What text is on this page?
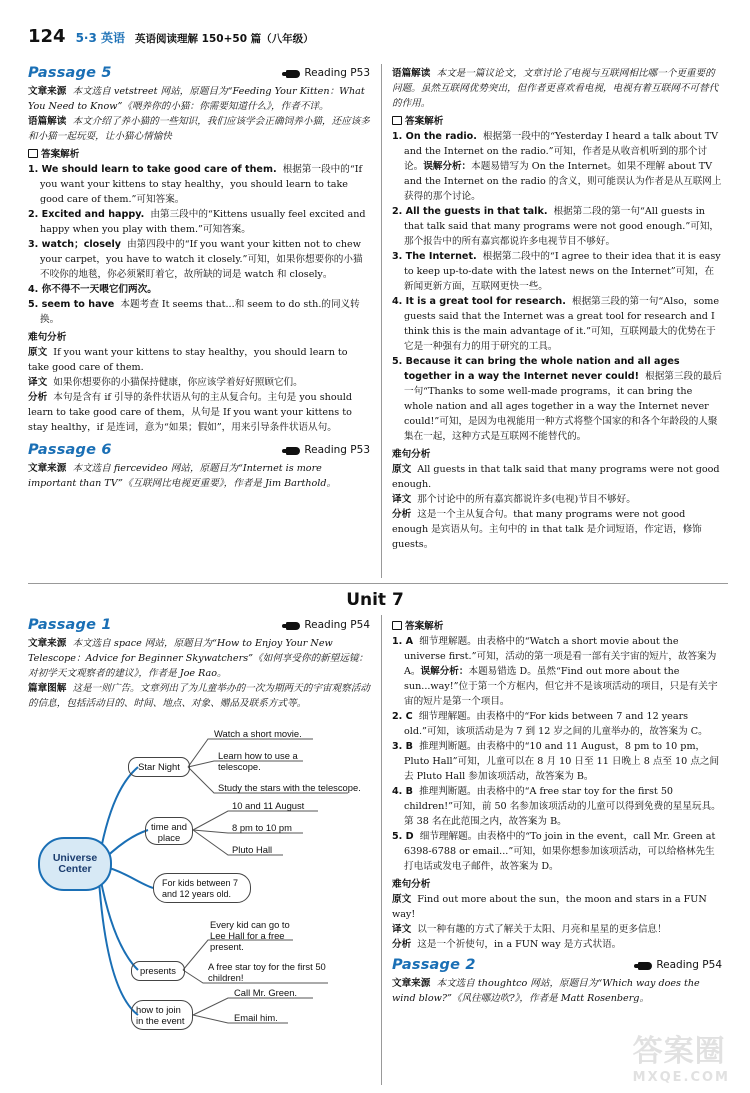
124 5·3 英语 英语阅读理解 150+50 篇（八年级）
Passage 5	Reading P53

文章来源 本文选自 vetstreet 网站，原题目为“Feeding Your Kitten：What You Need to Know”《喂养你的小猫：你需要知道什么》，作者不详。

语篇解读 本文介绍了养小猫的一些知识，我们应该学会正确饲养小猫，还应该多和小猫一起玩耍，让小猫心情愉快

答案解析

1. We should learn to take good care of them. 根据第一段中的“If you want your kittens to stay healthy，you should learn to take good care of them.”可知答案。

2. Excited and happy. 由第三段中的“Kittens usually feel excited and happy when you play with them.”可知答案。

3. watch；closely 由第四段中的“If you want your kitten not to chew your carpet，you have to watch it closely.”可知，如果你想要你的小猫不咬你的地毯，你必须紧盯着它，故所缺的词是 watch 和 closely。

4. 你不得不一天喂它们两次。

5. seem to have 本题考查 It seems that...和 seem to do sth.的同义转换。

难句分析

原文 If you want your kittens to stay healthy，you should learn to take good care of them.

译文 如果你想要你的小猫保持健康，你应该学着好好照顾它们。

分析 本句是含有 if 引导的条件状语从句的主从复合句。主句是 you should learn to take good care of them，从句是 If you want your kittens to stay healthy，if 是连词，意为“如果；假如”，用来引导条件状语从句。

Passage 6	Reading P53

文章来源 本文选自 fiercevideo 网站，原题目为“Internet is more important than TV”《互联网比电视更重要》，作者是 Jim Barthold。

语篇解读 本文是一篇议论文，文章讨论了电视与互联网相比哪一个更重要的问题。虽然互联网优势突出，但作者更喜欢看电视，电视有着互联网不可替代的作用。

答案解析

1. On the radio. 根据第一段中的“Yesterday I heard a talk about TV and the Internet on the radio.”可知，作者是从收音机听到的那个讨论。误解分析：本题易错写为 On the Internet。如果不理解 about TV and the Internet on the radio 的含义，则可能误认为作者是从互联网上获得的那个讨论。

2. All the guests in that talk. 根据第二段的第一句“All guests in that talk said that many programs were not good enough.”可知，那个报告中的所有嘉宾都说许多电视节目不够好。

3. The Internet. 根据第二段中的“I agree to their idea that it is easy to keep up-to-date with the latest news on the Internet”可知，在新闻更新方面，互联网更快一些。

4. It is a great tool for research. 根据第三段的第一句“Also，some guests said that the Internet was a great tool for research and I think this is the main advantage of it.”可知，互联网最大的优势在于它是一种强有力的用于研究的工具。

5. Because it can bring the whole nation and all ages together in a way the Internet never could! 根据第三段的最后一句“Thanks to some well-made programs，it can bring the whole nation and all ages together in a way the Internet never could!”可知，是因为电视能用一种方式将整个国家的和各个年龄段的人聚集在一起，这种方式是互联网不能替代的。

难句分析

原文 All guests in that talk said that many programs were not good enough.

译文 那个讨论中的所有嘉宾都说许多(电视)节目不够好。

分析 这是一个主从复合句。that many programs were not good enough 是宾语从句。主句中的 in that talk 是介词短语，作定语，修饰 guests。

Unit 7
Passage 1	Reading P54

文章来源 本文选自 space 网站，原题目为“How to Enjoy Your New Telescope：Advice for Beginner Skywatchers”《如何享受你的新望远镜：对初学天文观察者的建议》，作者是 Joe Rao。

篇章图解 这是一则广告。文章列出了为儿童举办的一次为期两天的宇宙观察活动的信息，包括活动目的、时间、地点、对象、赠品及联系方式等。

Universe Center
Star Night
Watch a short movie.
Learn how to use a telescope.
Study the stars with the telescope.
time and place
10 and 11 August
8 pm to 10 pm
Pluto Hall
For kids between 7 and 12 years old.
presents
Every kid can go to Lee Hall for a free present.
A free star toy for the first 50 children!
how to join in the event
Call Mr. Green.
Email him.
答案解析

1. A 细节理解题。由表格中的“Watch a short movie about the universe first.”可知，活动的第一项是看一部有关宇宙的短片，故答案为 A。误解分析：本题易错选 D。虽然“Find out more about the sun...way!”位于第一个方框内，但它并不是该项活动的项目，只是有关宇宙的短片是第一个项目。

2. C 细节理解题。由表格中的“For kids between 7 and 12 years old.”可知，该项活动是为 7 到 12 岁之间的儿童举办的，故答案为 C。

3. B 推理判断题。由表格中的“10 and 11 August，8 pm to 10 pm，Pluto Hall”可知，儿童可以在 8 月 10 日至 11 日晚上 8 点至 10 点之间去 Pluto Hall 参加该项活动，故答案为 B。

4. B 推理判断题。由表格中的“A free star toy for the first 50 children!”可知，前 50 名参加该项活动的儿童可以得到免费的星星玩具。第 38 名在此范围之内，故答案为 B。

5. D 细节理解题。由表格中的“To join in the event，call Mr. Green at 6398-6788 or email...”可知，如果你想参加该项活动，可以给格林先生打电话或发电子邮件，故答案为 D。

难句分析

原文 Find out more about the sun，the moon and stars in a FUN way!

译文 以一种有趣的方式了解关于太阳、月亮和星星的更多信息！

分析 这是一个祈使句，in a FUN way 是方式状语。

Passage 2	Reading P54

文章来源 本文选自 thoughtco 网站，原题目为“Which way does the wind blow?”《风往哪边吹?》，作者是 Matt Rosenberg。

答案圈
MXQE.COM
